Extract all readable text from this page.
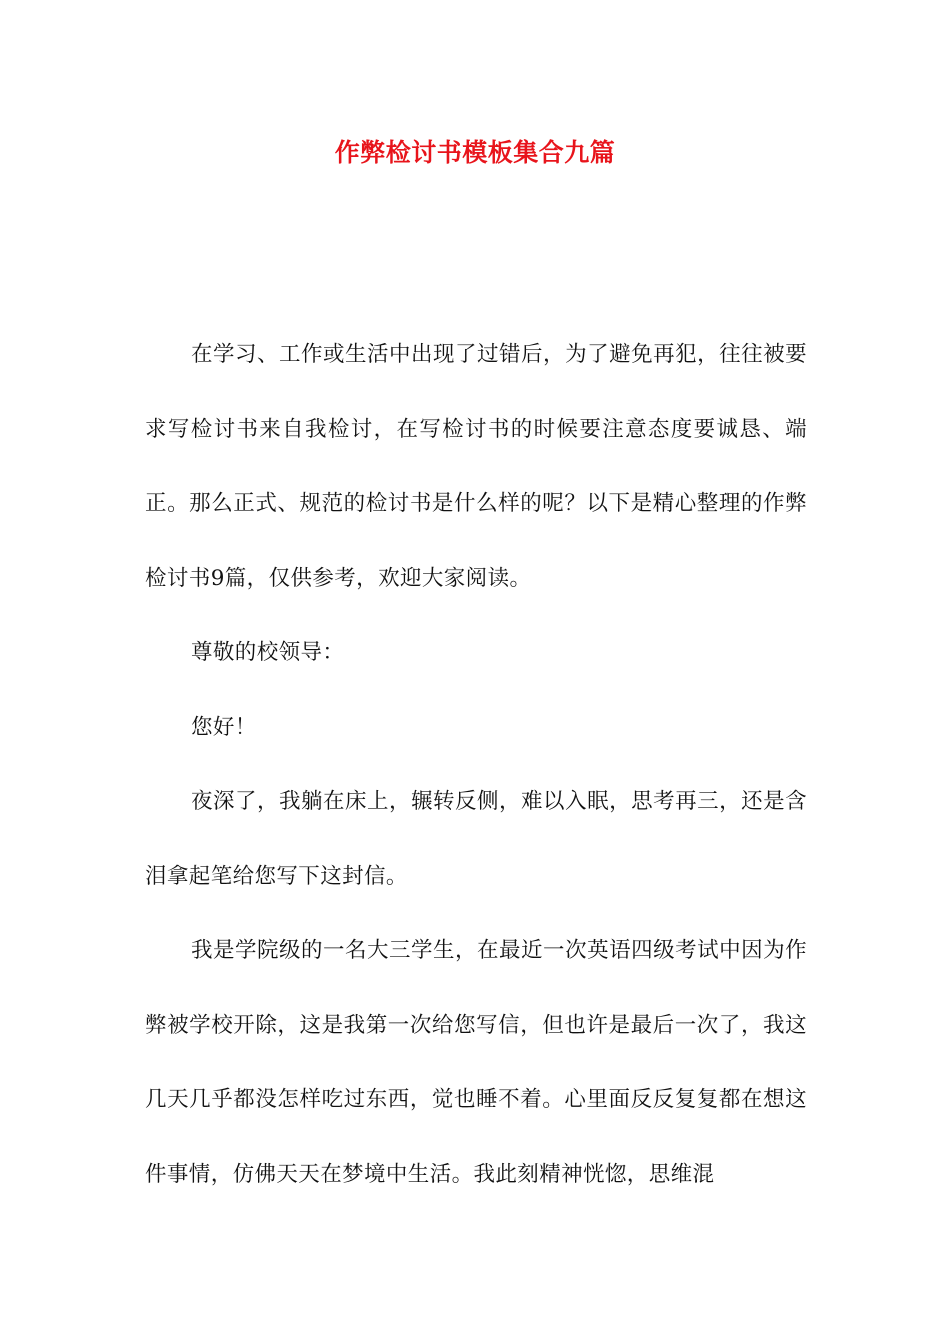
作弊检讨书模板集合九篇

在学习、工作或生活中出现了过错后，为了避免再犯，往往被要求写检讨书来自我检讨，在写检讨书的时候要注意态度要诚恳、端正。那么正式、规范的检讨书是什么样的呢？以下是精心整理的作弊检讨书9篇，仅供参考，欢迎大家阅读。

尊敬的校领导：

您好！

夜深了，我躺在床上，辗转反侧，难以入眠，思考再三，还是含泪拿起笔给您写下这封信。

我是学院级的一名大三学生，在最近一次英语四级考试中因为作弊被学校开除，这是我第一次给您写信，但也许是最后一次了，我这几天几乎都没怎样吃过东西，觉也睡不着。心里面反反复复都在想这件事情，仿佛天天在梦境中生活。我此刻精神恍惚，思维混
